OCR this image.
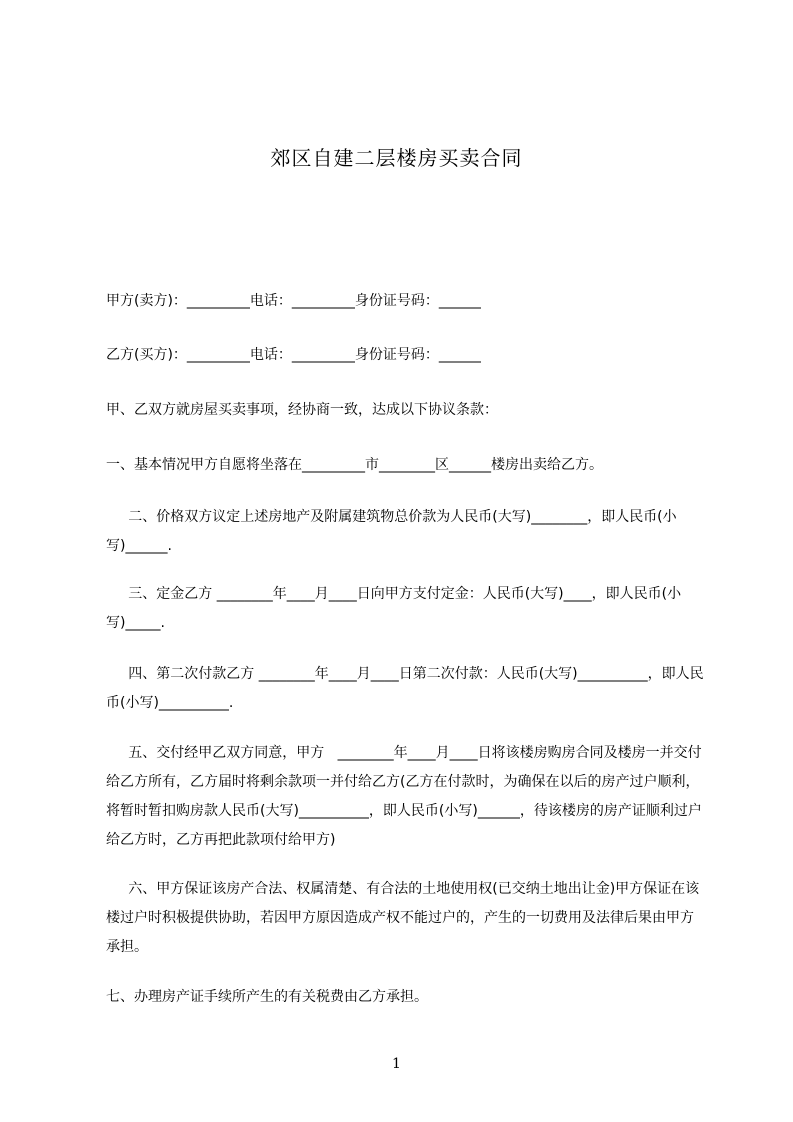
郊区自建二层楼房买卖合同
甲方(卖方)：_________电话：_________身份证号码：______
乙方(买方)：_________电话：_________身份证号码：______
甲、乙双方就房屋买卖事项，经协商一致，达成以下协议条款：
一、基本情况甲方自愿将坐落在_________市________区______楼房出卖给乙方。
二、价格双方议定上述房地产及附属建筑物总价款为人民币(大写)________，即人民币(小写)______.
三、定金乙方 ________年____月____日向甲方支付定金：人民币(大写)____，即人民币(小写)_____.
四、第二次付款乙方 ________年____月____日第二次付款：人民币(大写)__________，即人民币(小写)__________.
五、交付经甲乙双方同意，甲方   ________年____月____日将该楼房购房合同及楼房一并交付给乙方所有，乙方届时将剩余款项一并付给乙方(乙方在付款时，为确保在以后的房产过户顺利，将暂时暂扣购房款人民币(大写)__________，即人民币(小写)______，待该楼房的房产证顺利过户给乙方时，乙方再把此款项付给甲方)
六、甲方保证该房产合法、权属清楚、有合法的土地使用权(已交纳土地出让金)甲方保证在该楼过户时积极提供协助，若因甲方原因造成产权不能过户的，产生的一切费用及法律后果由甲方承担。
七、办理房产证手续所产生的有关税费由乙方承担。
1
